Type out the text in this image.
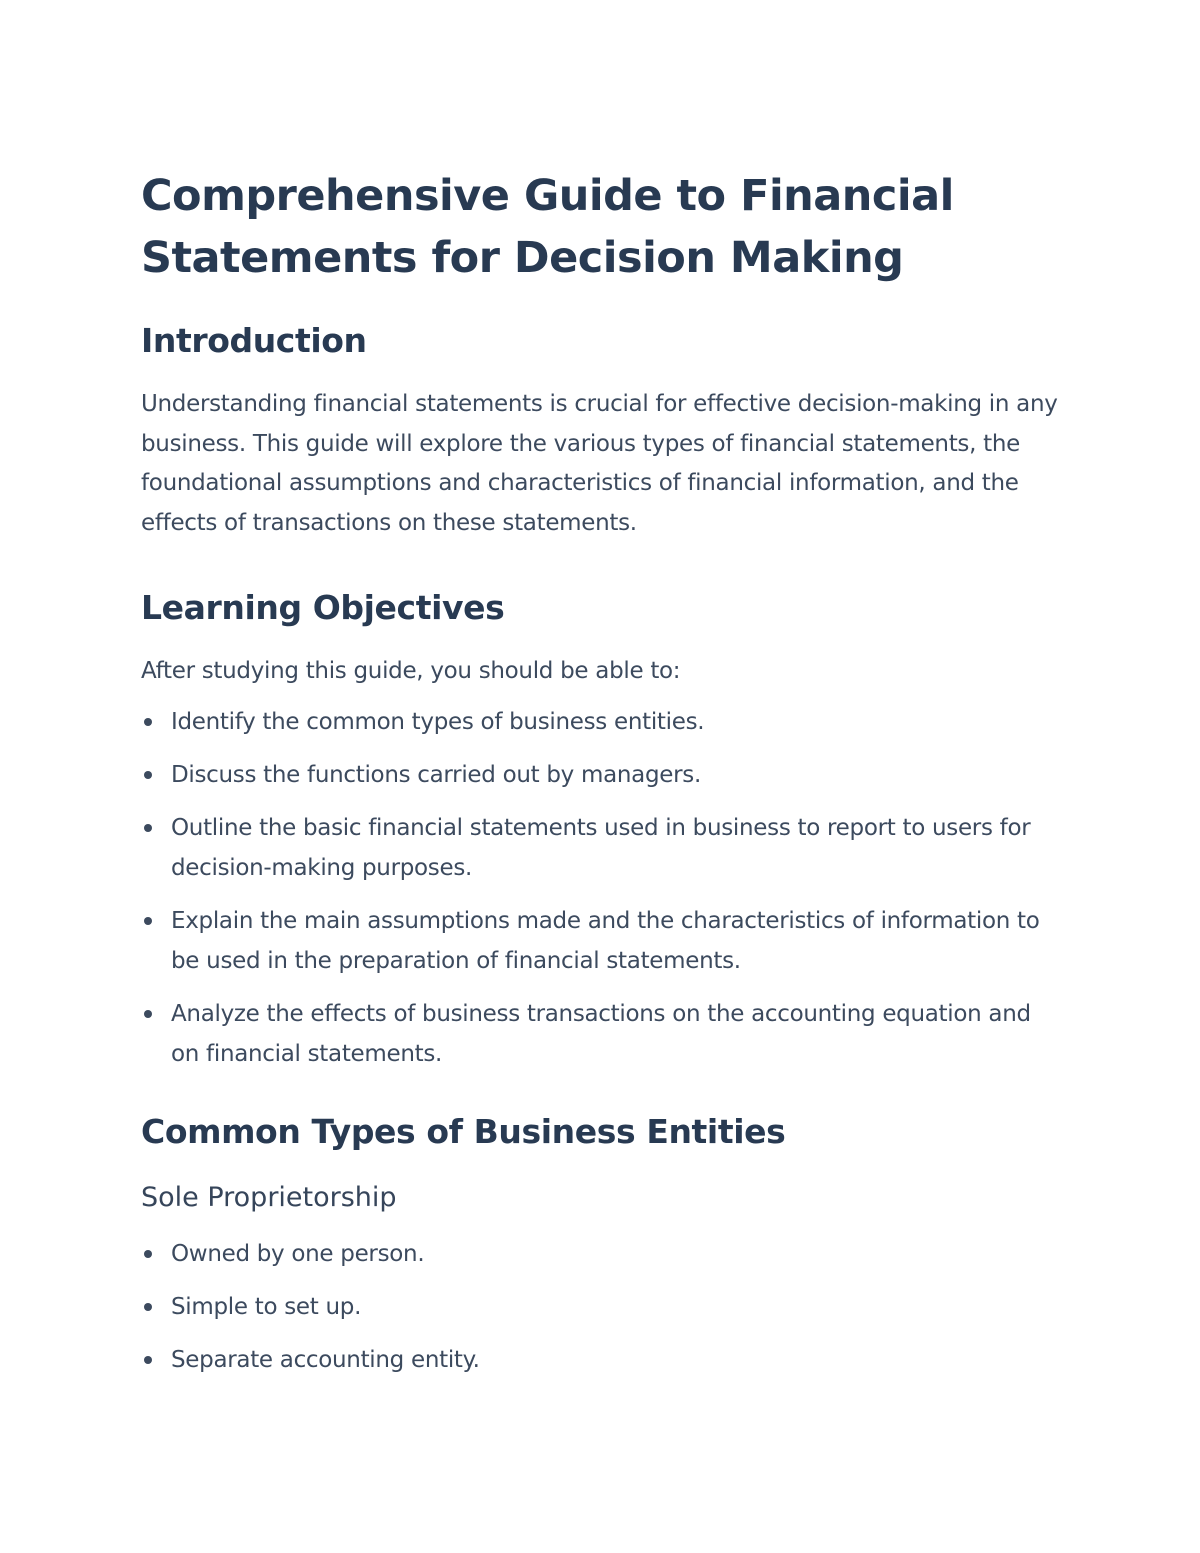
Comprehensive Guide to Financial Statements for Decision Making
Introduction

Understanding financial statements is crucial for effective decision-making in any business. This guide will explore the various types of financial statements, the foundational assumptions and characteristics of financial information, and the effects of transactions on these statements.

Learning Objectives

After studying this guide, you should be able to:

Identify the common types of business entities.
Discuss the functions carried out by managers.
Outline the basic financial statements used in business to report to users for decision-making purposes.
Explain the main assumptions made and the characteristics of information to be used in the preparation of financial statements.
Analyze the effects of business transactions on the accounting equation and on financial statements.
Common Types of Business Entities
Sole Proprietorship
Owned by one person.
Simple to set up.
Separate accounting entity.
